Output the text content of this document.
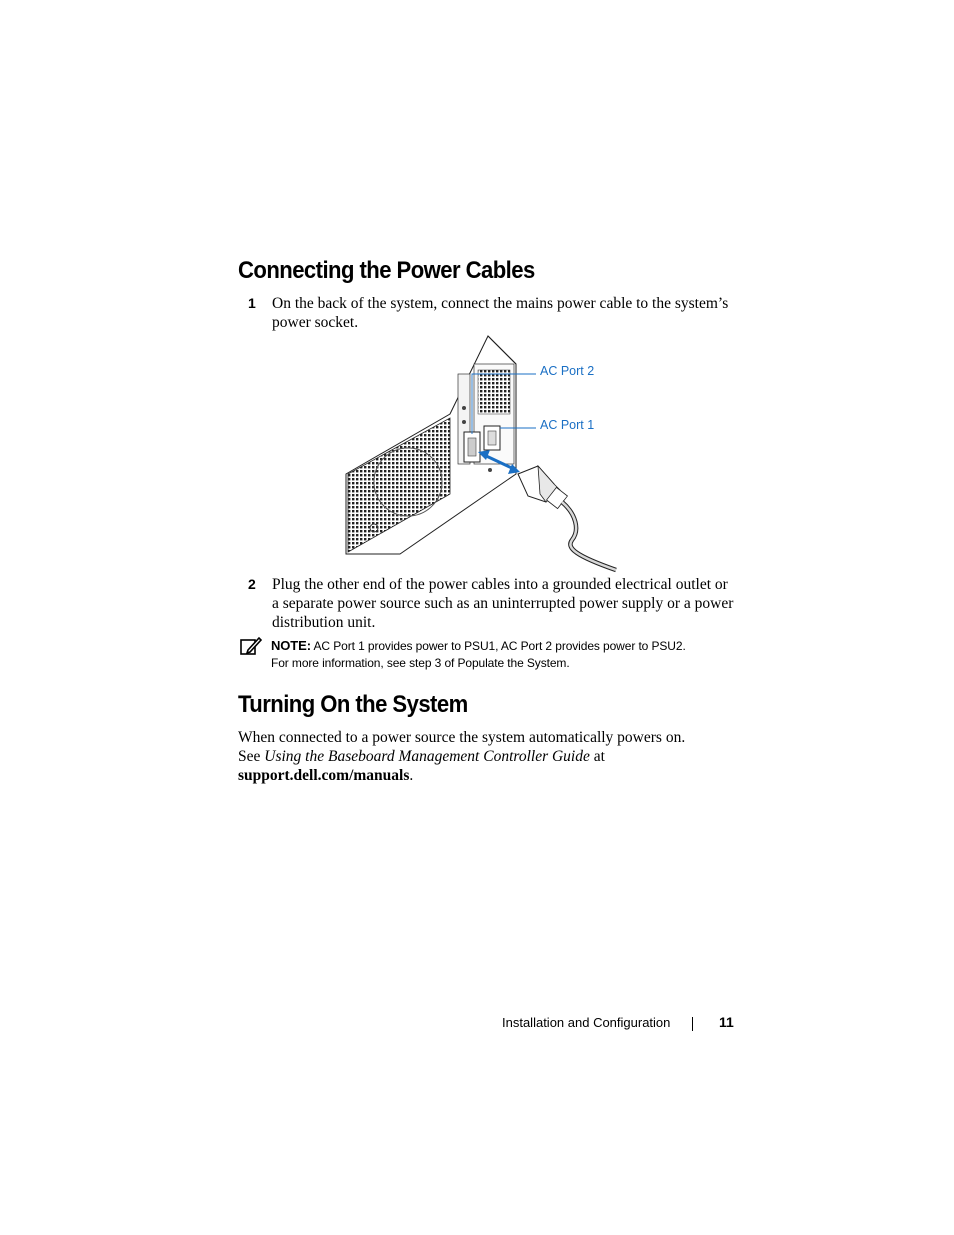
Connecting the Power Cables
1 On the back of the system, connect the mains power cable to the system’s
power socket.
AC Port 2
AC Port 1
2 Plug the other end of the power cables into a grounded electrical outlet or
a separate power source such as an uninterrupted power supply or a power
distribution unit.
NOTE: AC Port 1 provides power to PSU1, AC Port 2 provides power to PSU2.
For more information, see step 3 of Populate the System.
Turning On the System
When connected to a power source the system automatically powers on.
See Using the Baseboard Management Controller Guide at
support.dell.com/manuals.
Installation and Configuration	11
